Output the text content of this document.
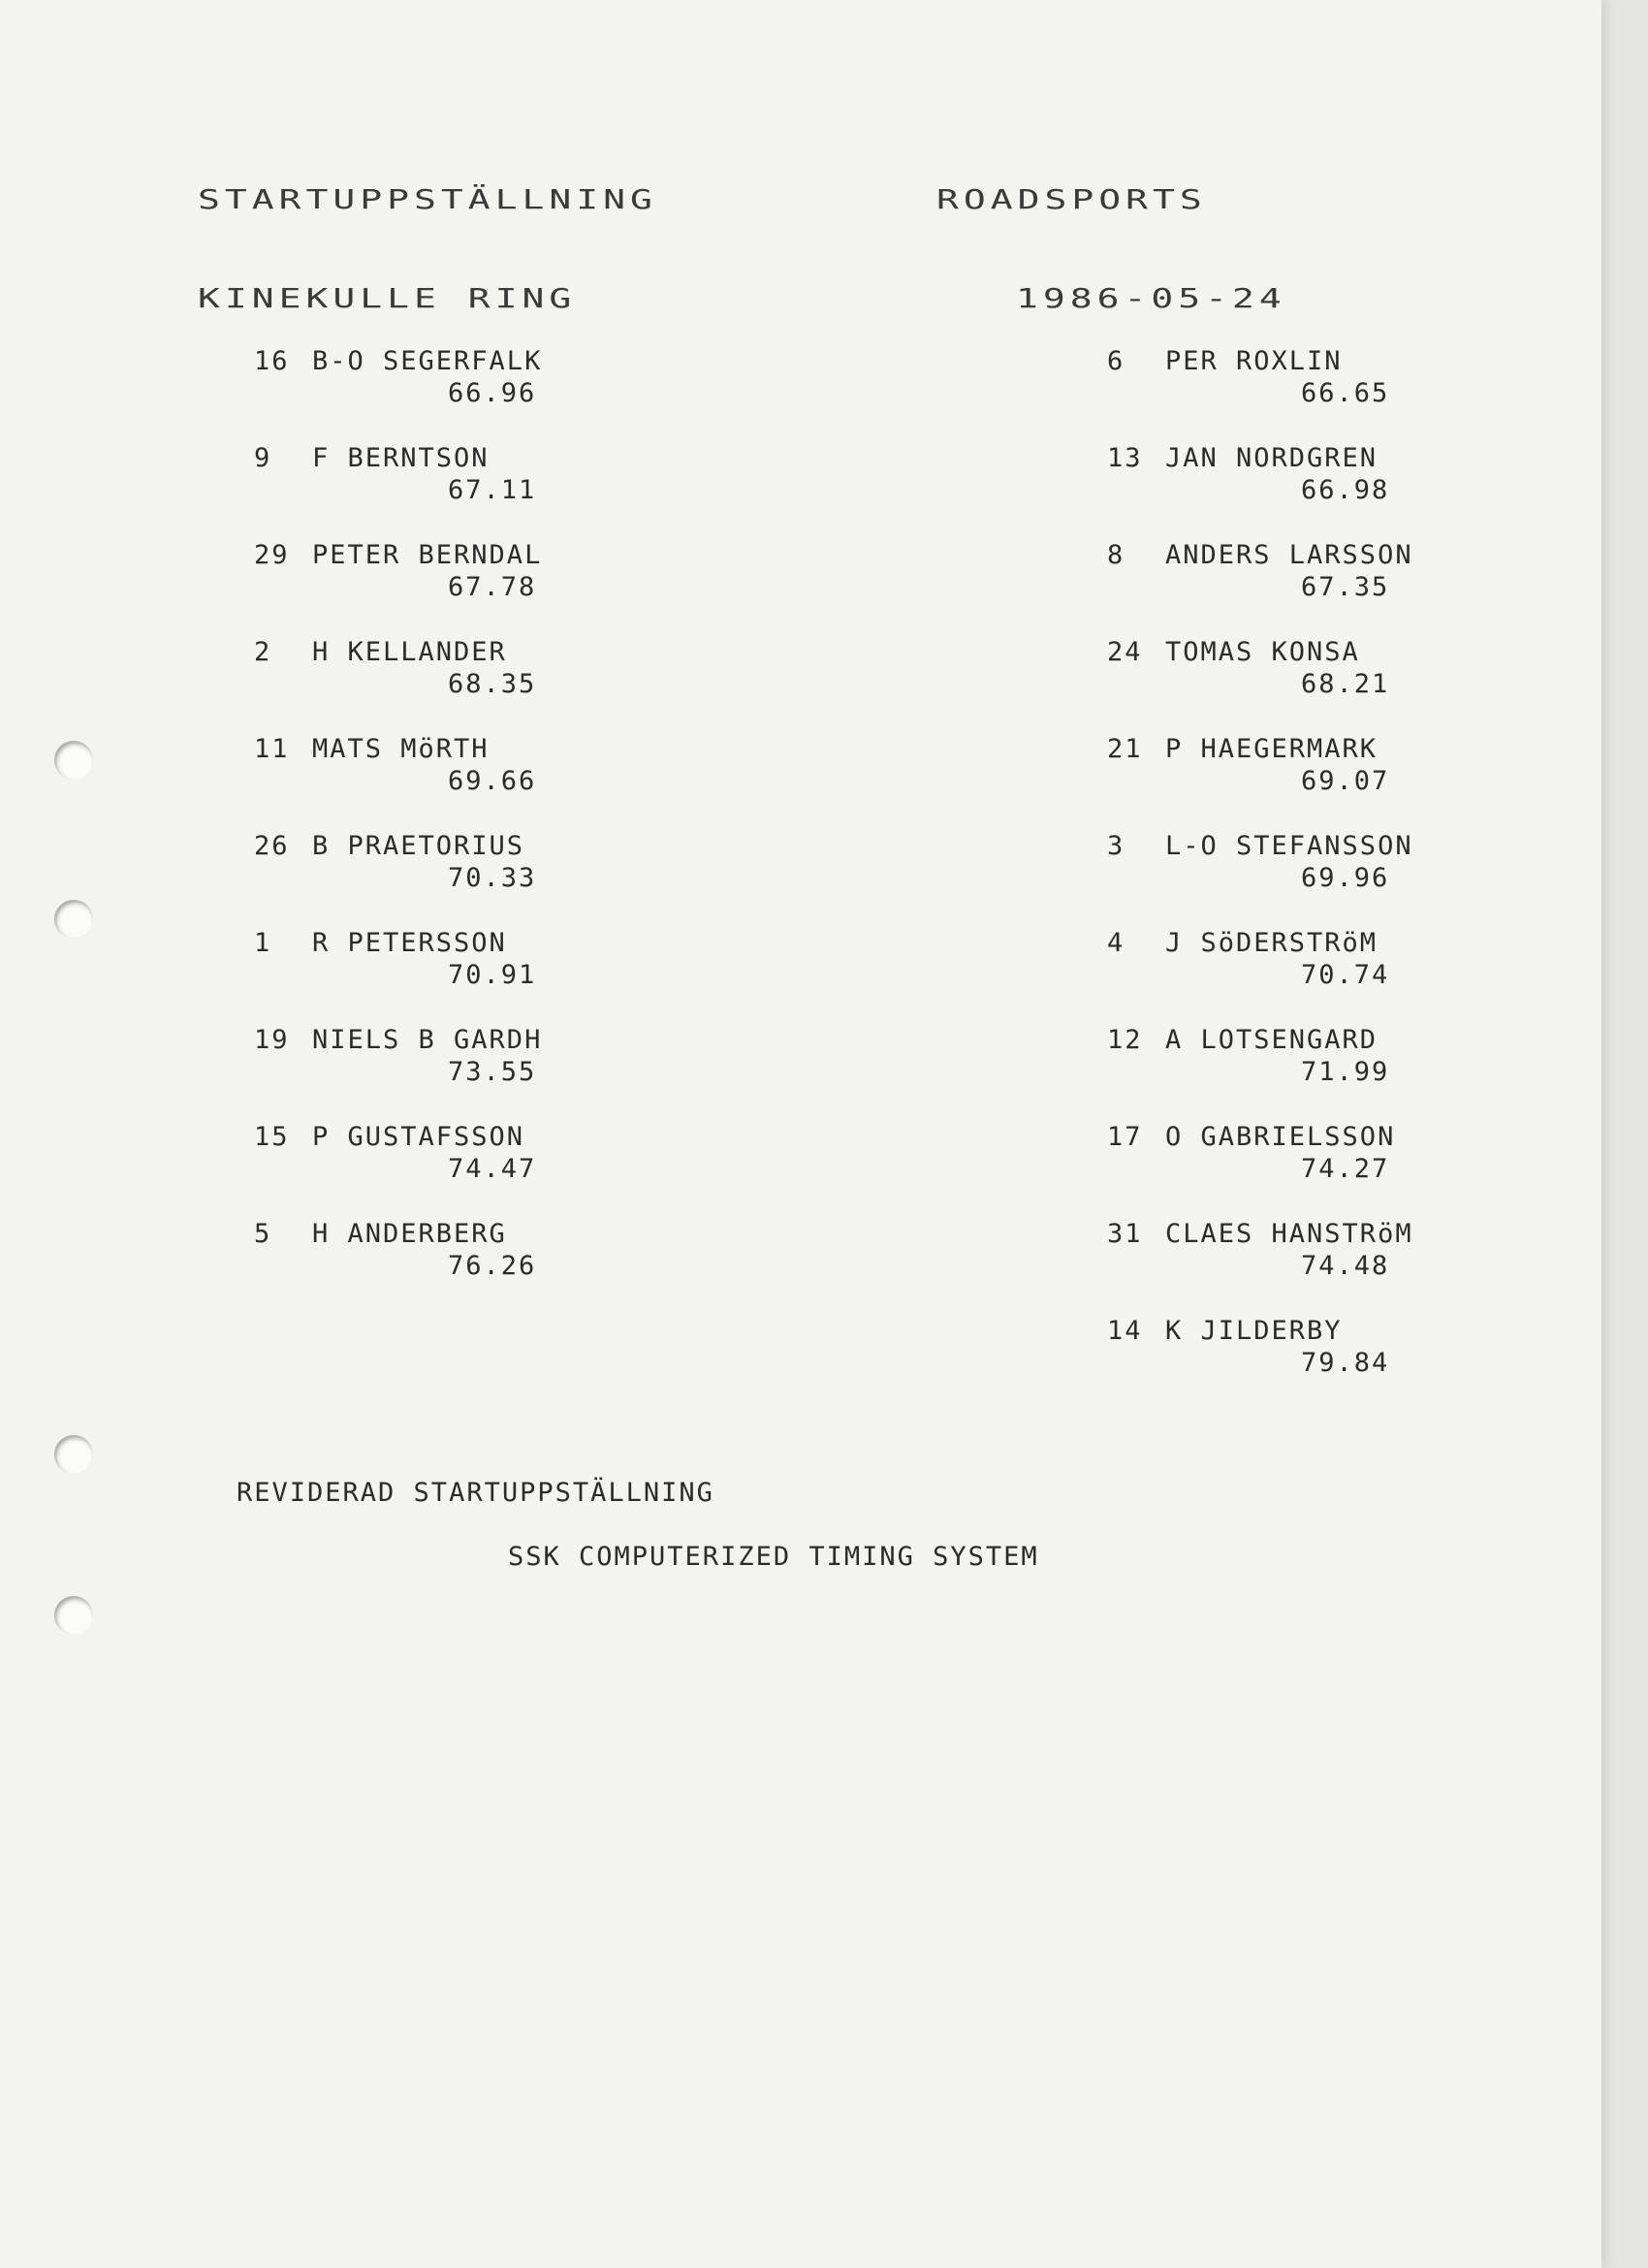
STARTUPPSTÄLLNING	ROADSPORTS
KINEKULLE RING	1986-05-24
16 B-O SEGERFALK
66.96
9 F BERNTSON
67.11
29 PETER BERNDAL
67.78
2 H KELLANDER
68.35
11 MATS MöRTH
69.66
26 B PRAETORIUS
70.33
1 R PETERSSON
70.91
19 NIELS B GARDH
73.55
15 P GUSTAFSSON
74.47
5 H ANDERBERG
76.26
6 PER ROXLIN
66.65
13 JAN NORDGREN
66.98
8 ANDERS LARSSON
67.35
24 TOMAS KONSA
68.21
21 P HAEGERMARK
69.07
3 L-O STEFANSSON
69.96
4 J SöDERSTRöM
70.74
12 A LOTSENGARD
71.99
17 O GABRIELSSON
74.27
31 CLAES HANSTRöM
74.48
14 K JILDERBY
79.84
REVIDERAD STARTUPPSTÄLLNING
SSK COMPUTERIZED TIMING SYSTEM
